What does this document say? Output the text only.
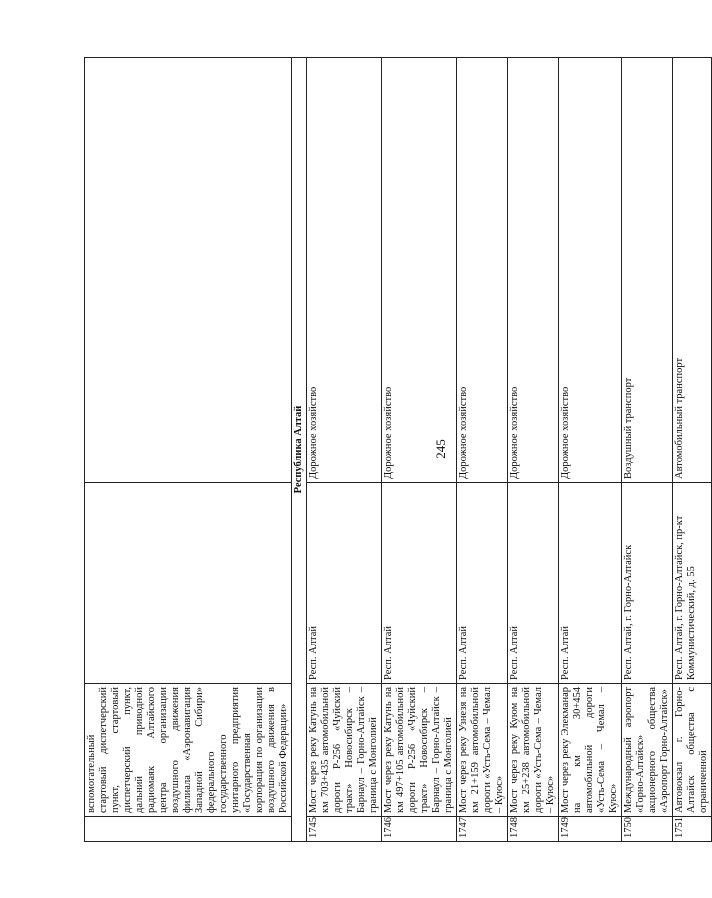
245
	вспомогательный стартовый диспетчерский пункт, стартовый диспетчерский пункт, дальний приводной радиомаяк Алтайского центра организации воздушного движения филиала «Аэронавигация Западной Сибири» федерального государственного унитарного предприятия «Государственная корпорация по организации воздушного движения в Российской Федерации»		
Республика Алтай			
1745	Мост через реку Катунь на км 703+435 автомобильной дороги Р-256 «Чуйский тракт» Новосибирск – Барнаул – Горно-Алтайск – граница с Монголией	Респ. Алтай	Дорожное хозяйство
1746	Мост через реку Катунь на км 497+105 автомобильной дороги Р-256 «Чуйский тракт» Новосибирск – Барнаул – Горно-Алтайск – граница с Монголией	Респ. Алтай	Дорожное хозяйство
1747	Мост через реку Узнезя на км 21+159 автомобильной дороги «Усть-Сема – Чемал – Куюс»	Респ. Алтай	Дорожное хозяйство
1748	Мост через реку Куюм на км 25+238 автомобильной дороги «Усть-Сема – Чемал – Куюс»	Респ. Алтай	Дорожное хозяйство
1749	Мост через реку Элекманар на км 30+454 автомобильной дороги «Усть-Сема – Чемал – Куюс»	Респ. Алтай	Дорожное хозяйство
1750	Международный аэропорт «Горно-Алтайск» акционерного общества «Аэропорт Горно-Алтайск»	Респ. Алтай, г. Горно-Алтайск	Воздушный транспорт
1751	Автовокзал г. Горно-Алтайск общества с ограниченной	Респ. Алтай, г. Горно-Алтайск, пр-кт Коммунистический, д. 55	Автомобильный транспорт
